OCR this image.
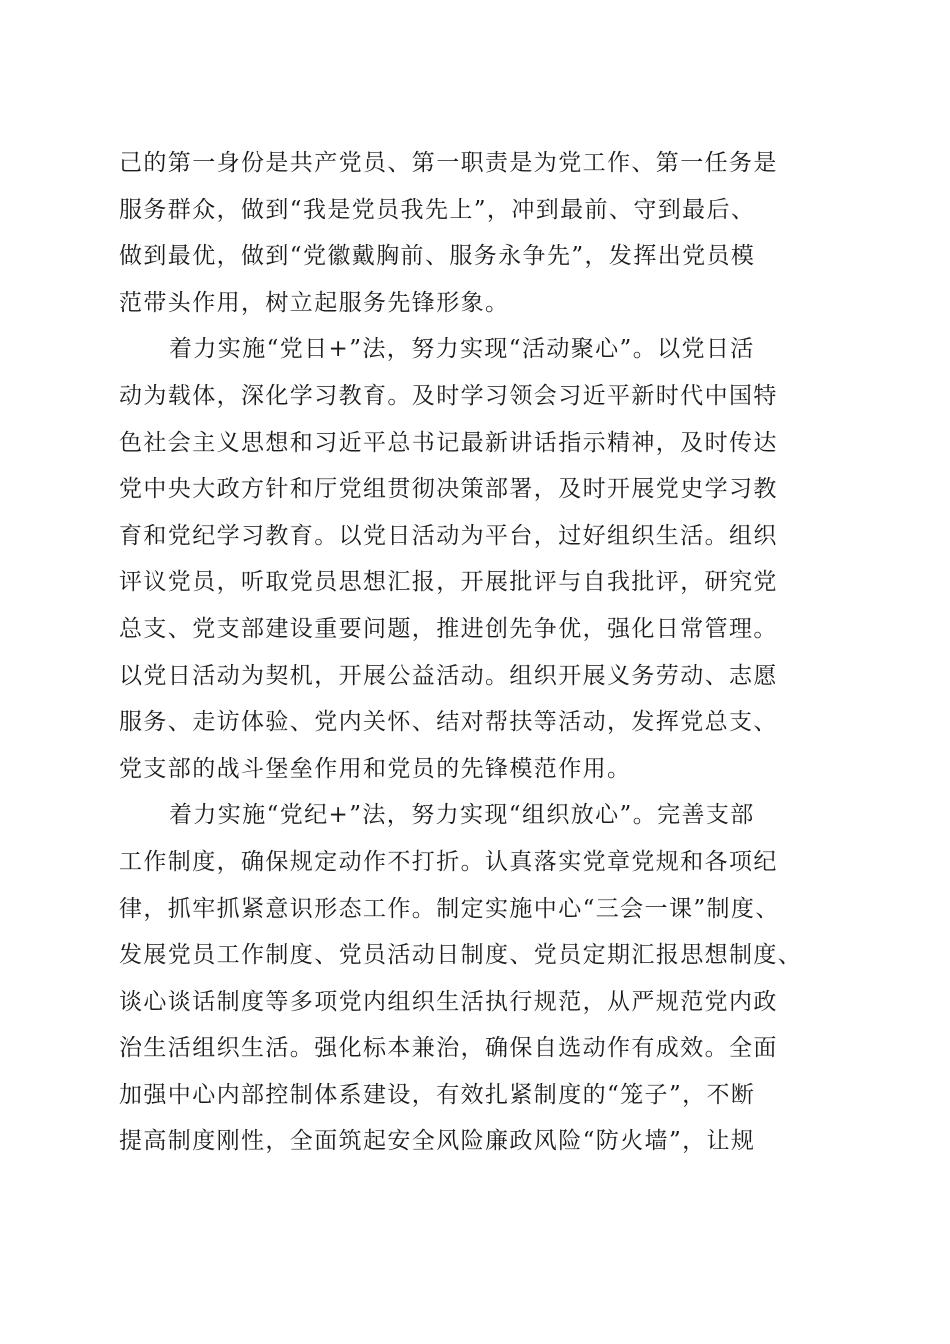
己的第一身份是共产党员、第一职责是为党工作、第一任务是
服务群众，做到“我是党员我先上”，冲到最前、守到最后、
做到最优，做到“党徽戴胸前、服务永争先”，发挥出党员模
范带头作用，树立起服务先锋形象。
着力实施“党日+”法，努力实现“活动聚心”。以党日活
动为载体，深化学习教育。及时学习领会习近平新时代中国特
色社会主义思想和习近平总书记最新讲话指示精神，及时传达
党中央大政方针和厅党组贯彻决策部署，及时开展党史学习教
育和党纪学习教育。以党日活动为平台，过好组织生活。组织
评议党员，听取党员思想汇报，开展批评与自我批评，研究党
总支、党支部建设重要问题，推进创先争优，强化日常管理。
以党日活动为契机，开展公益活动。组织开展义务劳动、志愿
服务、走访体验、党内关怀、结对帮扶等活动，发挥党总支、
党支部的战斗堡垒作用和党员的先锋模范作用。
着力实施“党纪+”法，努力实现“组织放心”。完善支部
工作制度，确保规定动作不打折。认真落实党章党规和各项纪
律，抓牢抓紧意识形态工作。制定实施中心“三会一课”制度、
发展党员工作制度、党员活动日制度、党员定期汇报思想制度、
谈心谈话制度等多项党内组织生活执行规范，从严规范党内政
治生活组织生活。强化标本兼治，确保自选动作有成效。全面
加强中心内部控制体系建设，有效扎紧制度的“笼子”，不断
提高制度刚性，全面筑起安全风险廉政风险“防火墙”，让规
